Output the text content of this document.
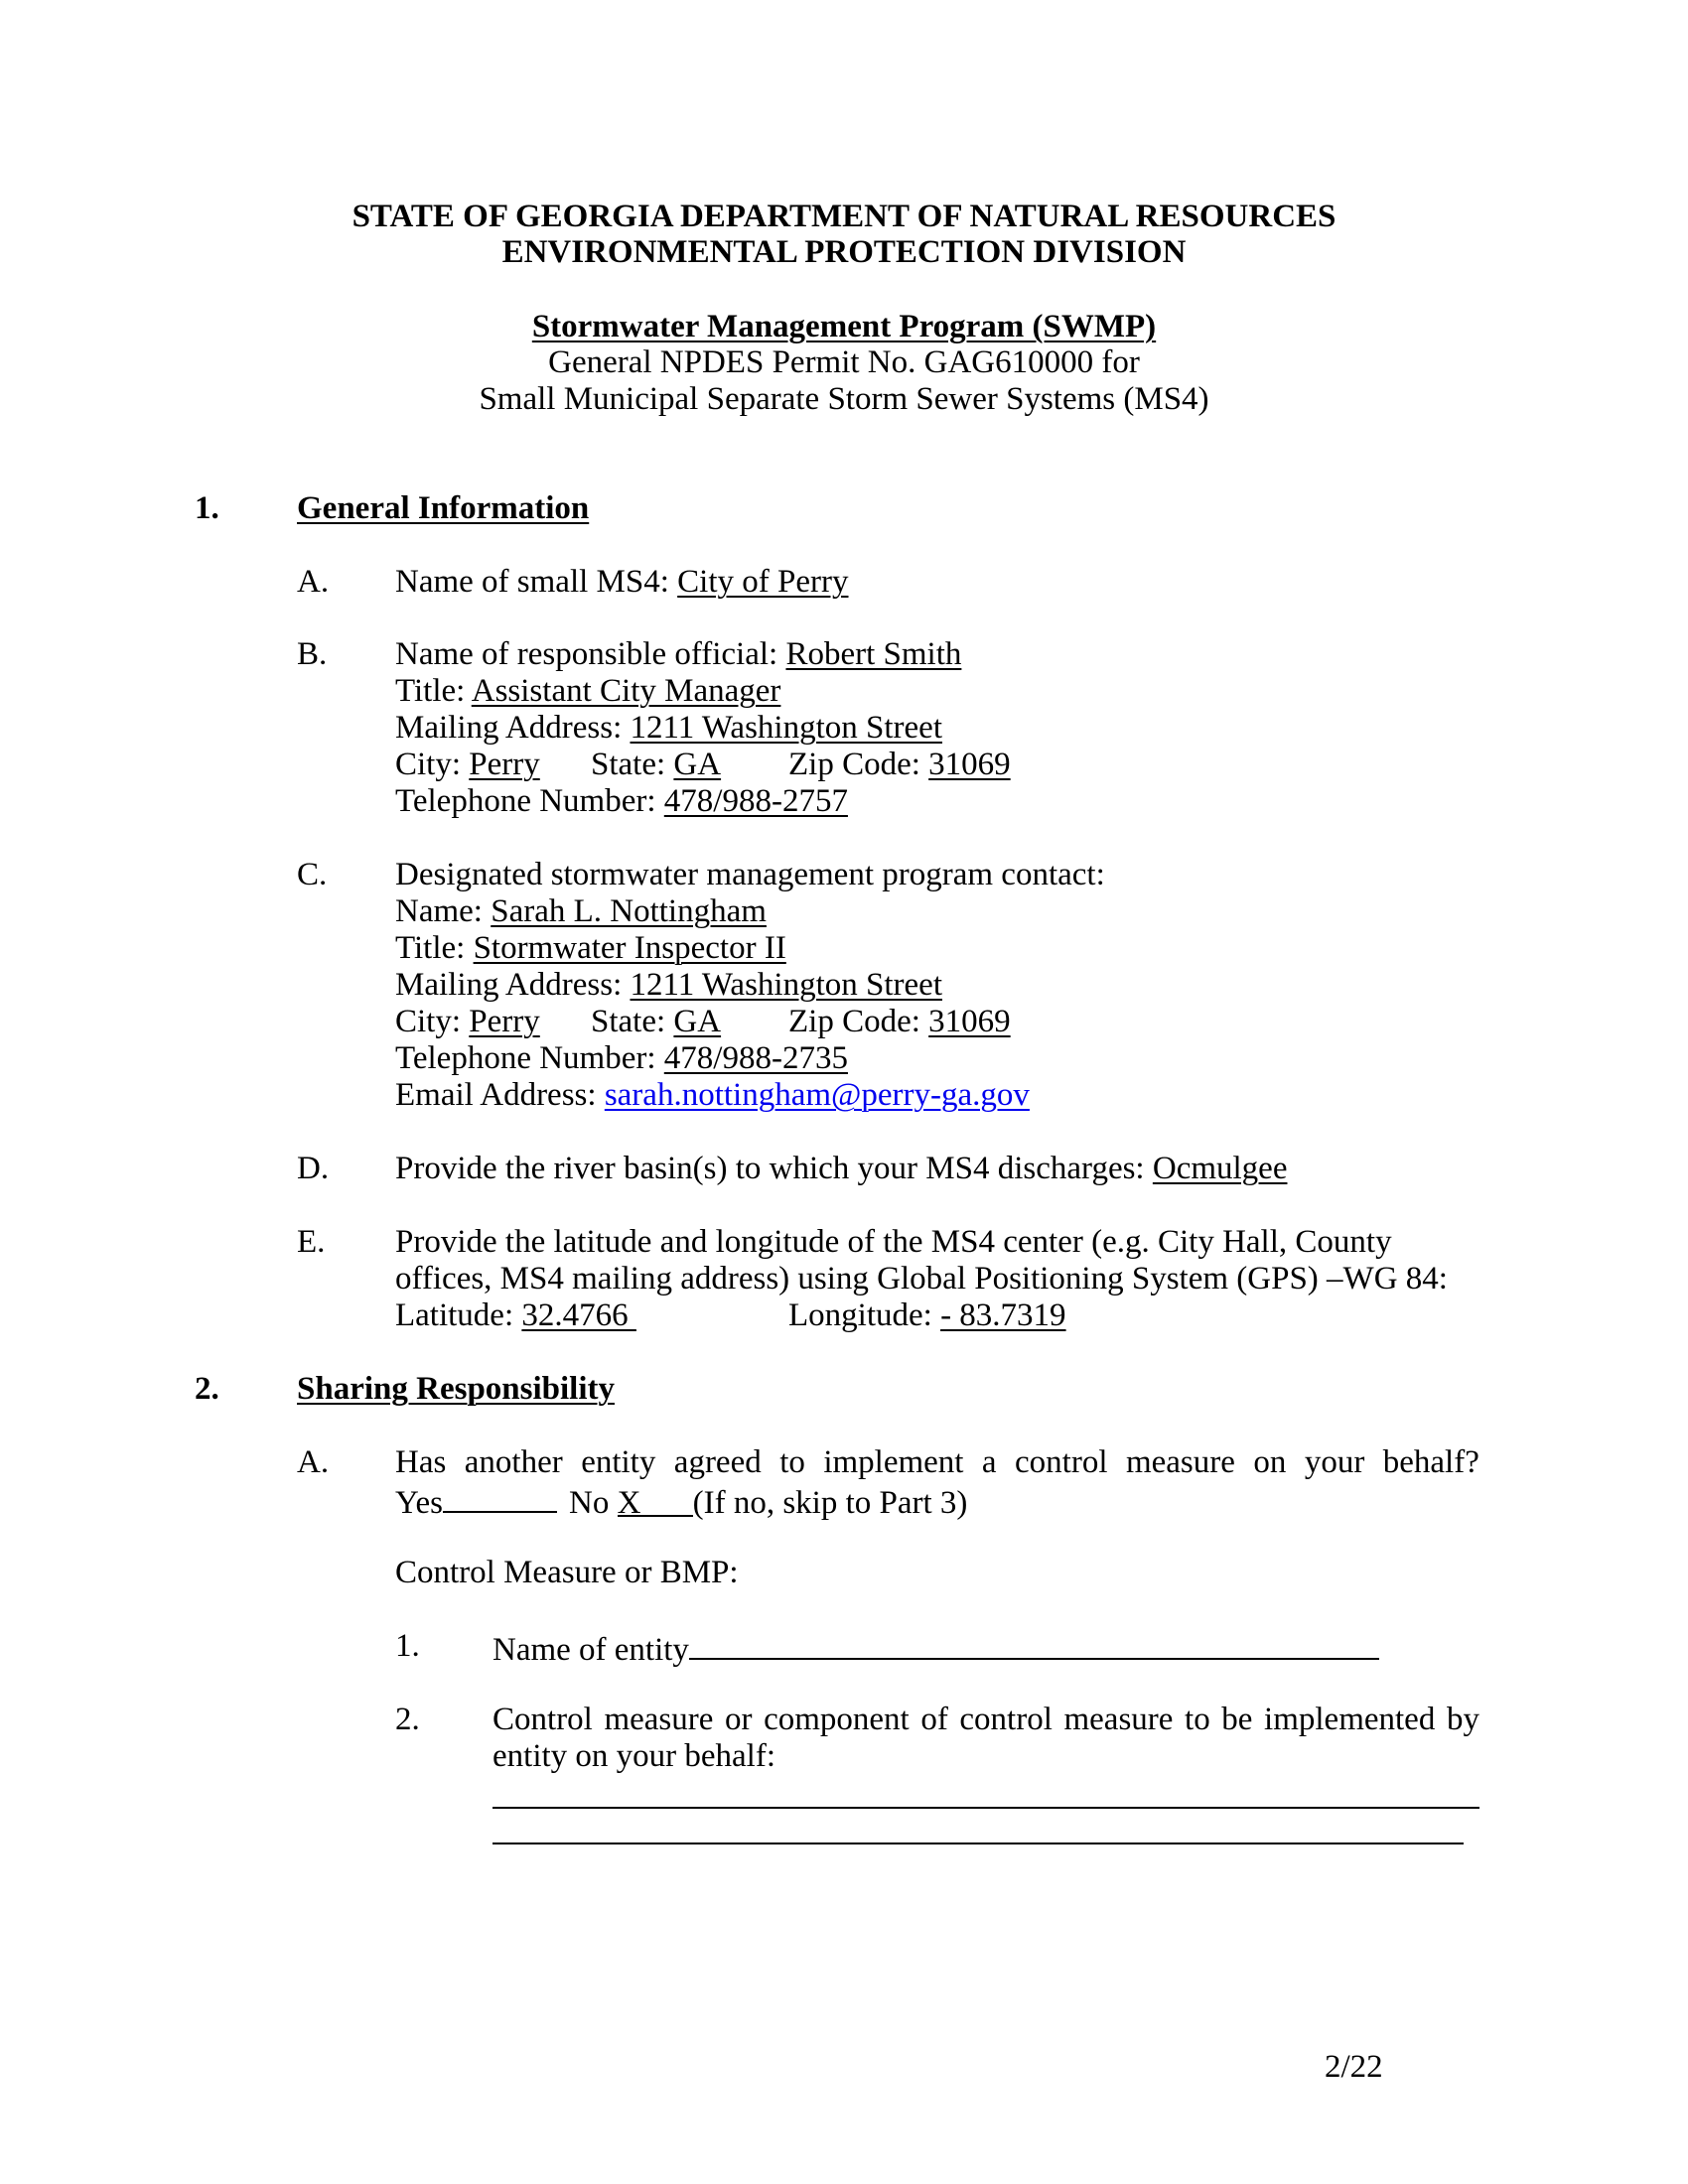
STATE OF GEORGIA DEPARTMENT OF NATURAL RESOURCES
ENVIRONMENTAL PROTECTION DIVISION
Stormwater Management Program (SWMP)
General NPDES Permit No. GAG610000 for
Small Municipal Separate Storm Sewer Systems (MS4)
1. General Information
A. Name of small MS4: City of Perry
B. Name of responsible official: Robert Smith
Title: Assistant City Manager
Mailing Address: 1211 Washington Street
City: Perry State: GA Zip Code: 31069
Telephone Number: 478/988-2757
C. Designated stormwater management program contact:
Name: Sarah L. Nottingham
Title: Stormwater Inspector II
Mailing Address: 1211 Washington Street
City: Perry State: GA Zip Code: 31069
Telephone Number: 478/988-2735
Email Address: sarah.nottingham@perry-ga.gov
D. Provide the river basin(s) to which your MS4 discharges: Ocmulgee
E. Provide the latitude and longitude of the MS4 center (e.g. City Hall, County
offices, MS4 mailing address) using Global Positioning System (GPS) –WG 84:
Latitude: 32.4766	Longitude: - 83.7319
2. Sharing Responsibility
A. Has another entity agreed to implement a control measure on your behalf?
Yes	No X (If no, skip to Part 3)
Control Measure or BMP:
1. Name of entity
2. Control measure or component of control measure to be implemented by
entity on your behalf:
2/22
